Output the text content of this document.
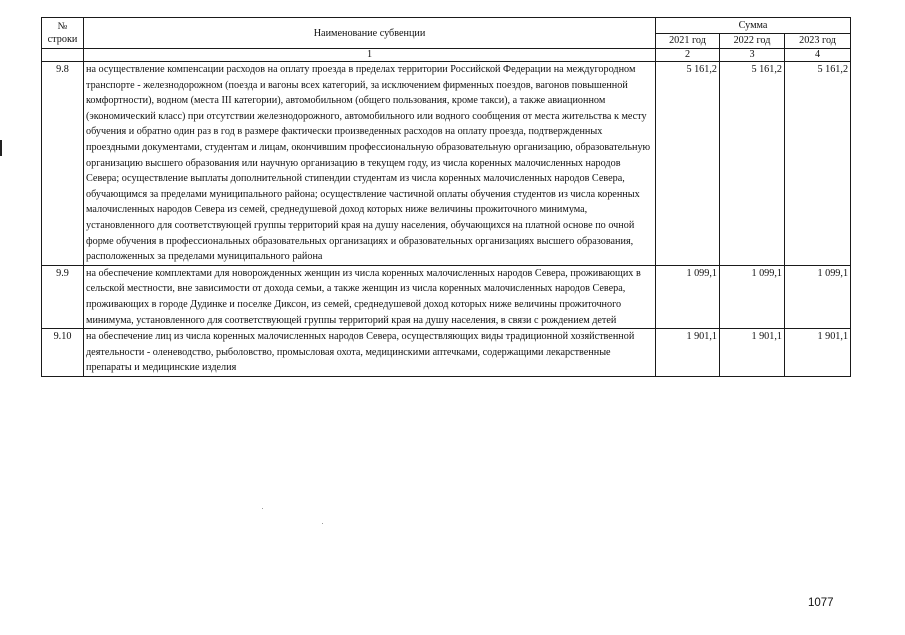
№ строки	Наименование субвенции	Сумма		
		2021 год	2022 год	2023 год
	1	2	3	4
9.8	на осуществление компенсации расходов на оплату проезда в пределах территории Российской Федерации на междугородном транспорте - железнодорожном (поезда и вагоны всех категорий, за исключением фирменных поездов, вагонов повышенной комфортности), водном (места III категории), автомобильном (общего пользования, кроме такси), а также авиационном (экономический класс) при отсутствии железнодорожного, автомобильного или водного сообщения от места жительства к месту обучения и обратно один раз в год в размере фактически произведенных расходов на оплату проезда, подтвержденных проездными документами, студентам и лицам, окончившим профессиональную образовательную организацию, образовательную организацию высшего образования или научную организацию в текущем году, из числа коренных малочисленных народов Севера; осуществление выплаты дополнительной стипендии студентам из числа коренных малочисленных народов Севера, обучающимся за пределами муниципального района; осуществление частичной оплаты обучения студентов из числа коренных малочисленных народов Севера из семей, среднедушевой доход которых ниже величины прожиточного минимума, установленного для соответствующей группы территорий края на душу населения, обучающихся на платной основе по очной форме обучения в профессиональных образовательных организациях и образовательных организациях высшего образования, расположенных за пределами муниципального района	5 161,2	5 161,2	5 161,2
9.9	на обеспечение комплектами для новорожденных женщин из числа коренных малочисленных народов Севера, проживающих в сельской местности, вне зависимости от дохода семьи, а также женщин из числа коренных малочисленных народов Севера, проживающих в городе Дудинке и поселке Диксон, из семей, среднедушевой доход которых ниже величины прожиточного минимума, установленного для соответствующей группы территорий края на душу населения, в связи с рождением детей	1 099,1	1 099,1	1 099,1
9.10	на обеспечение лиц из числа коренных малочисленных народов Севера, осуществляющих виды традиционной хозяйственной деятельности - оленеводство, рыболовство, промысловая охота, медицинскими аптечками, содержащими лекарственные препараты и медицинские изделия	1 901,1	1 901,1	1 901,1
1077
